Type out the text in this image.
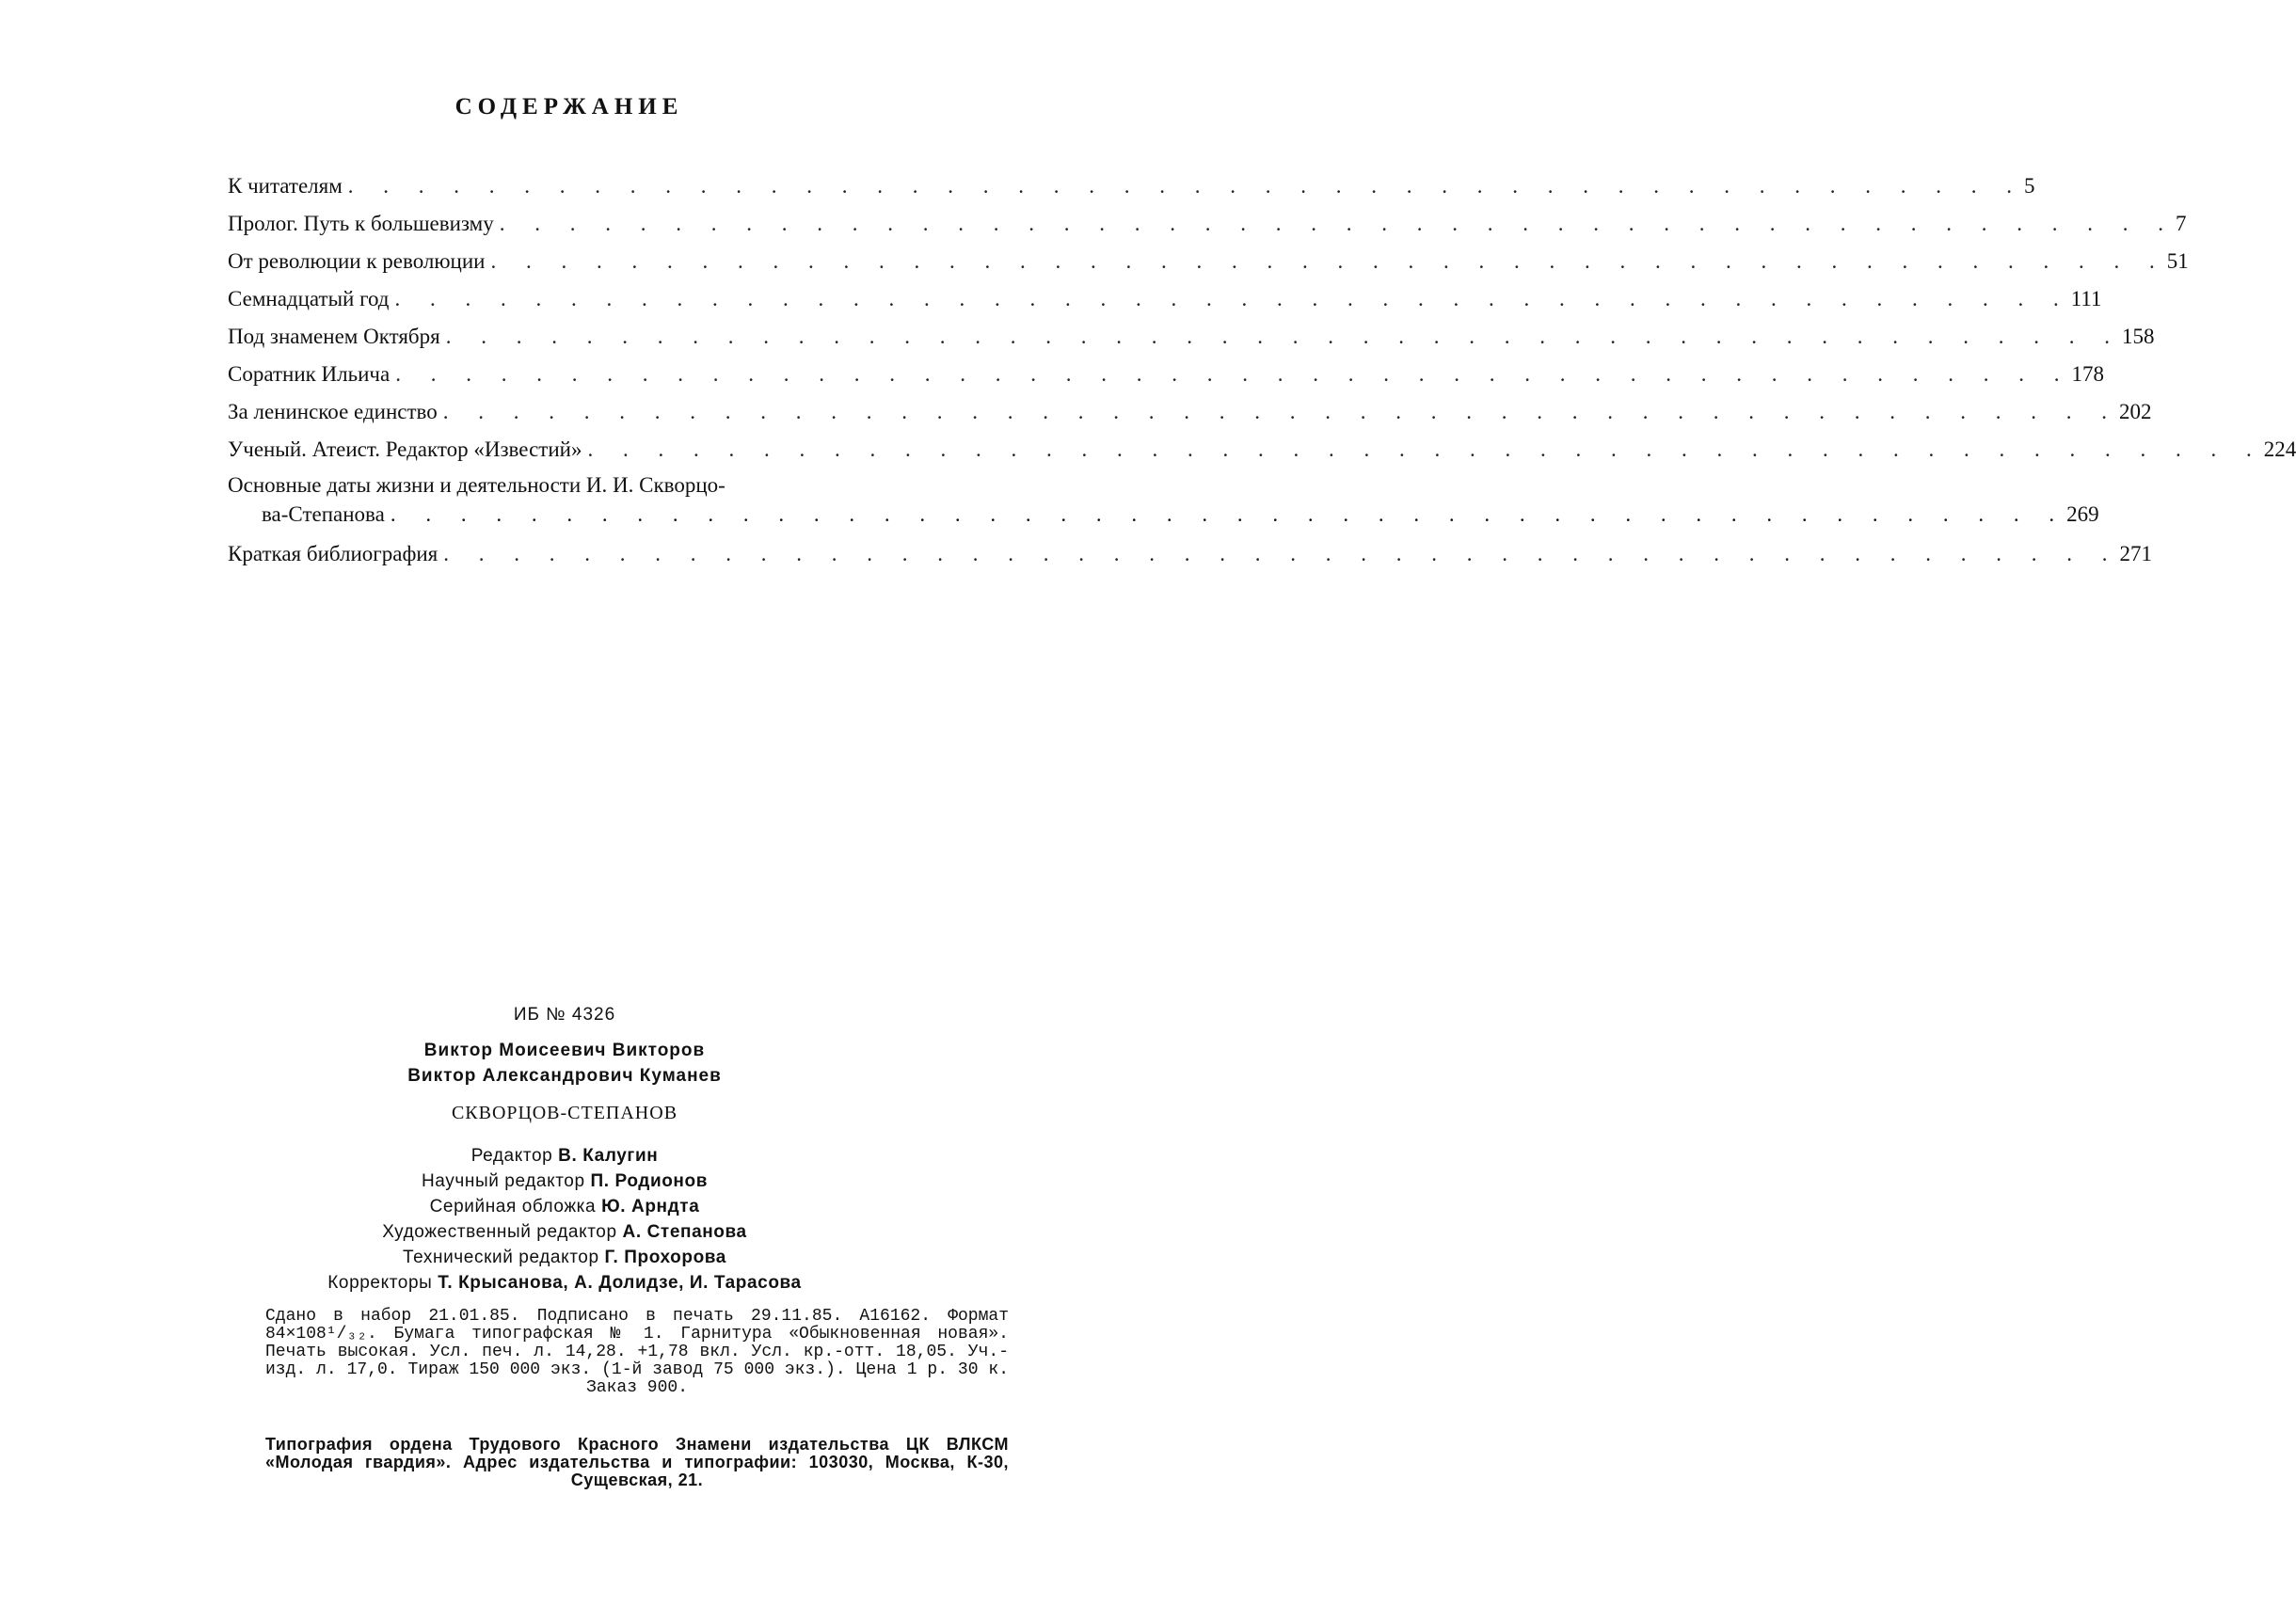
СОДЕРЖАНИЕ
К читателям . . . . . . . . . . . . . . . . . . . . . . . . . . . . . . . . . . . . . . . . . . . . . . . . 5
Пролог. Путь к большевизму . . . . . . . . . . . . . . . . . . . . . . . . . . . . . . . . . . . . . . . . . . . . . . . . 7
От революции к революции . . . . . . . . . . . . . . . . . . . . . . . . . . . . . . . . . . . . . . . . . . . . . . . . 51
Семнадцатый год . . . . . . . . . . . . . . . . . . . . . . . . . . . . . . . . . . . . . . . . . . . . . . . . 111
Под знаменем Октября . . . . . . . . . . . . . . . . . . . . . . . . . . . . . . . . . . . . . . . . . . . . . . . . 158
Соратник Ильича . . . . . . . . . . . . . . . . . . . . . . . . . . . . . . . . . . . . . . . . . . . . . . . . 178
За ленинское единство . . . . . . . . . . . . . . . . . . . . . . . . . . . . . . . . . . . . . . . . . . . . . . . . 202
Ученый. Атеист. Редактор «Известий» . . . . . . . . . . . . . . . . . . . . . . . . . . . . . . . . . . . . . . . . . . . . . . . . 224
Основные даты жизни и деятельности И. И. Скворцо-
ва-Степанова . . . . . . . . . . . . . . . . . . . . . . . . . . . . . . . . . . . . . . . . . . . . . . . . 269
Краткая библиография . . . . . . . . . . . . . . . . . . . . . . . . . . . . . . . . . . . . . . . . . . . . . . . . 271
ИБ № 4326
Виктор Моисеевич Викторов
Виктор Александрович Куманев
СКВОРЦОВ-СТЕПАНОВ
Редактор В. Калугин
Научный редактор П. Родионов
Серийная обложка Ю. Арндта
Художественный редактор А. Степанова
Технический редактор Г. Прохорова
Корректоры Т. Крысанова, А. Долидзе, И. Тарасова
Сдано в набор 21.01.85. Подписано в печать 29.11.85. А16162. Формат 84×108¹/₃₂. Бумага типографская № 1. Гарнитура «Обыкновенная новая». Печать высокая. Усл. печ. л. 14,28. +1,78 вкл. Усл. кр.-отт. 18,05. Уч.-изд. л. 17,0. Тираж 150 000 экз. (1-й завод 75 000 экз.). Цена 1 р. 30 к. Заказ 900.
Типография ордена Трудового Красного Знамени издательства ЦК ВЛКСМ «Молодая гвардия». Адрес издательства и типографии: 103030, Москва, К-30, Сущевская, 21.
